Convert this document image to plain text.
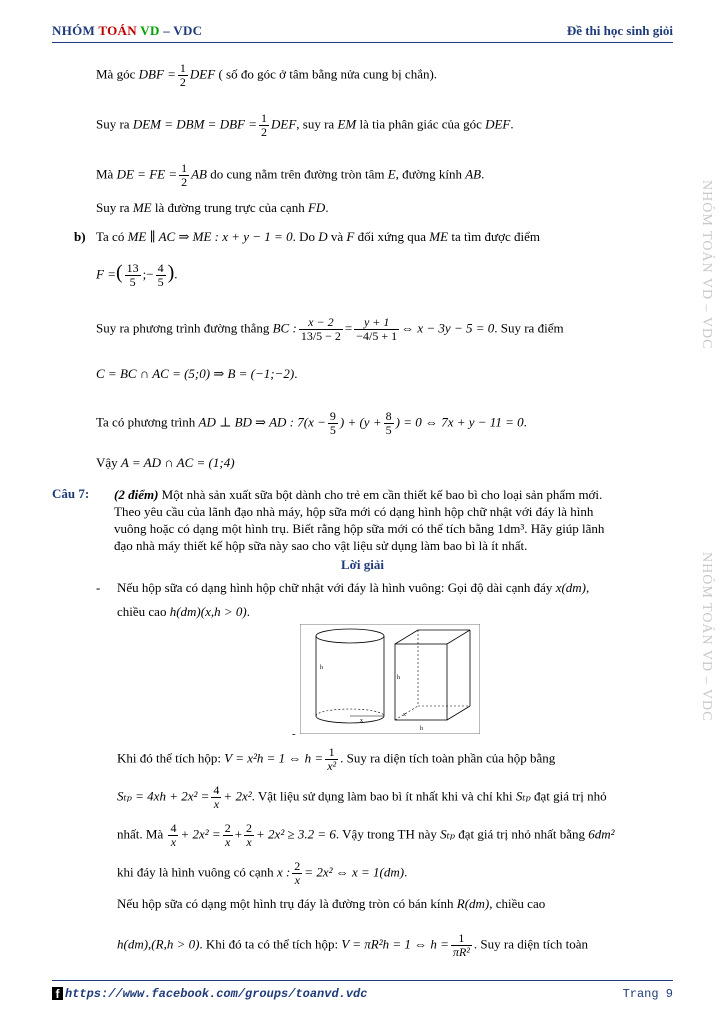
NHÓM TOÁN VD – VDC	Đề thi học sinh giỏi
NHÓM TOÁN VD – VDC
NHÓM TOÁN VD – VDC
Mà góc DBF = $\frac{1}{2}$ DEF ( số đo góc ở tâm bằng nửa cung bị chắn).
Suy ra DEM = DBM = DBF = $\frac{1}{2}$ DEF, suy ra EM là tia phân giác của góc DEF.
Mà DE = FE = $\frac{1}{2}$ AB do cung nằm trên đường tròn tâm E, đường kính AB.
Suy ra ME là đường trung trực của cạnh FD.
b) Ta có ME ∥ AC ⇒ ME : x + y − 1 = 0. Do D và F đối xứng qua ME ta tìm được điểm
F =( $\frac{13}{5}$ ;− $\frac{4}{5}$ ).
Suy ra phương trình đường thẳng BC : $\frac{x - 2}{13/5 - 2} = \frac{y + 1}{-4/5 + 1}$ ⇔ x − 3y − 5 = 0. Suy ra điểm
C = BC ∩ AC = (5;0) ⇒ B = (−1;−2).
Ta có phương trình AD ⊥ BD ⇒ AD : $7(x - \frac{9}{5}$ ) + ($y + \frac{8}{5}$ ) = 0 ⇔ 7x + y − 11 = 0.
Vậy A = AD ∩ AC = (1;4)
Câu 7: (2 điểm) Một nhà sản xuất sữa bột dành cho trẻ em cần thiết kế bao bì cho loại sản phẩm mới.
Theo yêu cầu của lãnh đạo nhà máy, hộp sữa mới có dạng hình hộp chữ nhật với đáy là hình
vuông hoặc có dạng một hình trụ. Biết rằng hộp sữa mới có thể tích bằng 1dm³. Hãy giúp lãnh
đạo nhà máy thiết kế hộp sữa này sao cho vật liệu sử dụng làm bao bì là ít nhất.
Lời giải
- Nếu hộp sữa có dạng hình hộp chữ nhật với đáy là hình vuông: Gọi độ dài cạnh đáy x(dm),
chiều cao h(dm)(x,h > 0).
h
x
h
x
h
-
Khi đó thể tích hộp: V = x²h = 1 ⇔ $h = \frac{1}{\text{x²}}$ . Suy ra diện tích toàn phần của hộp bằng
$S_{tp} = 4xh + 2x^2 = \frac{4}{x} + 2x^2$. Vật liệu sử dụng làm bao bì ít nhất khi và chỉ khi Sₜₚ đạt giá trị nhỏ
nhất. Mà $\frac{4}{x} + 2x^2 = \frac{2}{x} + \frac{2}{x} + 2x^2 \ge 3.2 = 6$. Vậy trong TH này Sₜₚ đạt giá trị nhỏ nhất bằng 6dm²
khi đáy là hình vuông có cạnh x : $\frac{2}{x} = 2x^2$ ⇔ x = 1(dm).
Nếu hộp sữa có dạng một hình trụ đáy là đường tròn có bán kính R(dm), chiều cao
h(dm),(R,h > 0). Khi đó ta có thể tích hộp: V = πR²h = 1 ⇔ $h = \frac{1}{\text{πR²}}$ . Suy ra diện tích toàn
f https://www.facebook.com/groups/toanvd.vdc	Trang 9
